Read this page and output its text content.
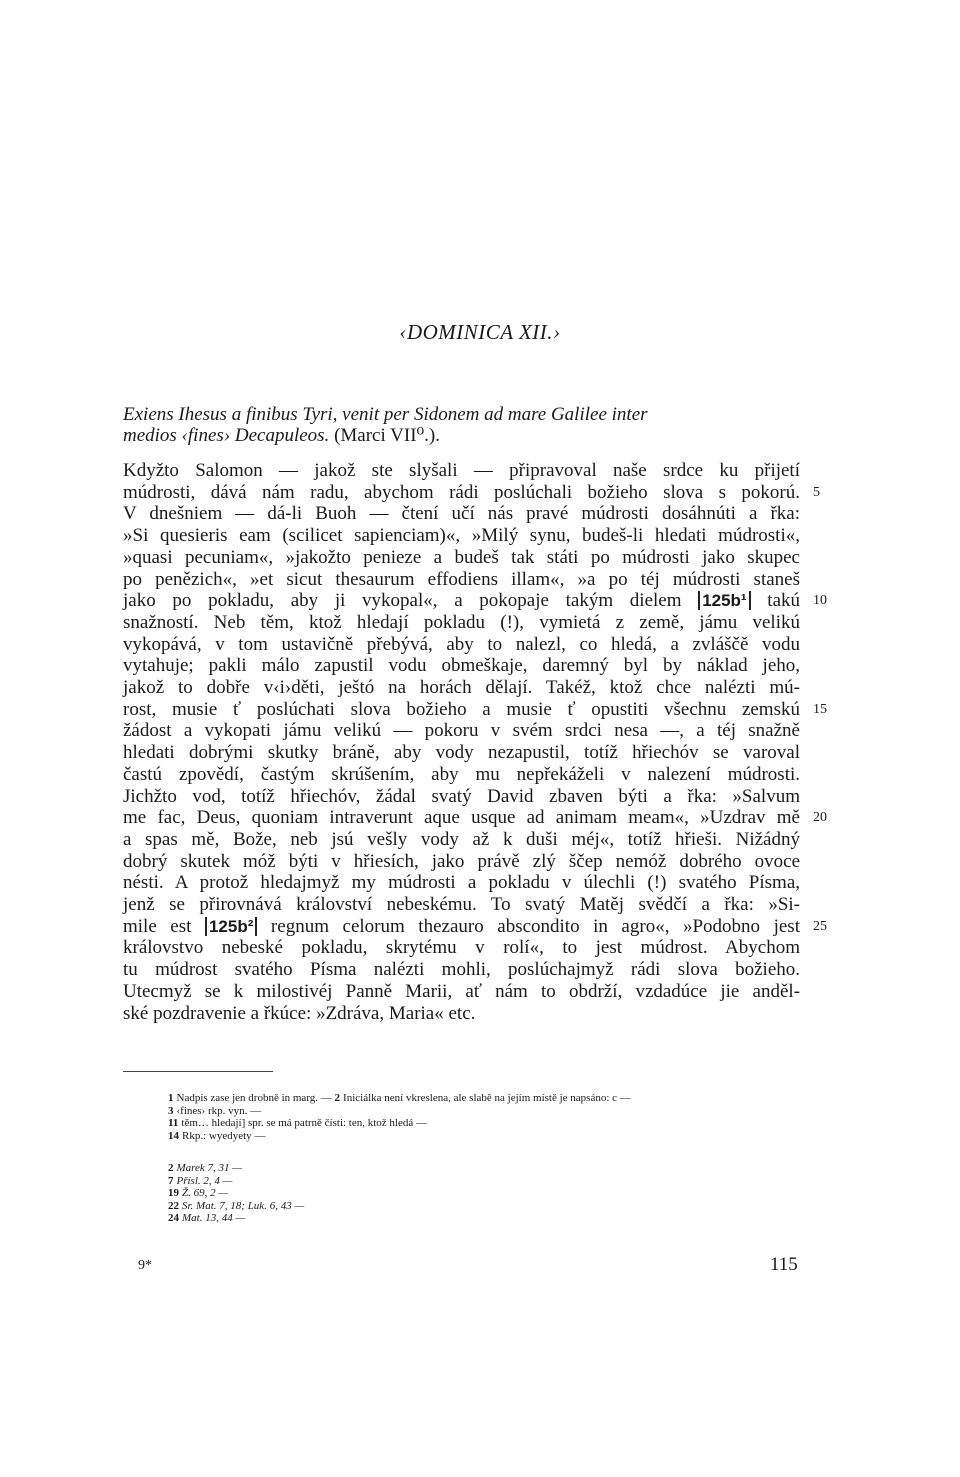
‹DOMINICA XII.›
Exiens Ihesus a finibus Tyri, venit per Sidonem ad mare Galilee inter
medios ‹fines› Decapuleos. (Marci VII⁰.).
Kdyžto Salomon — jakož ste slyšali — připravoval naše srdce ku přijetí
múdrosti, dává nám radu, abychom rádi poslúchali božieho slova s pokorú. 5
V dnešniem — dá-li Buoh — čtení učí nás pravé múdrosti dosáhnúti a řka:
»Si quesieris eam (scilicet sapienciam)«, »Milý synu, budeš-li hledati múdrosti«,
»quasi pecuniam«, »jakožto penieze a budeš tak státi po múdrosti jako skupec
po penězich«, »et sicut thesaurum effodiens illam«, »a po téj múdrosti staneš
jako po pokladu, aby ji vykopal«, a pokopaje takým dielem 125b¹ takú 10
snažností. Neb těm, ktož hledají pokladu (!), vymietá z země, jámu velikú
vykopává, v tom ustavičně přebývá, aby to nalezl, co hledá, a zvláščě vodu
vytahuje; pakli málo zapustil vodu obmeškaje, daremný byl by náklad jeho,
jakož to dobře v‹i›děti, ještó na horách dělají. Takéž, ktož chce nalézti mú-
rost, musie ť poslúchati slova božieho a musie ť opustiti všechnu zemskú 15
žádost a vykopati jámu velikú — pokoru v svém srdci nesa —, a téj snažně
hledati dobrými skutky bráně, aby vody nezapustil, totíž hřiechóv se varoval
častú zpovědí, častým skrúšením, aby mu nepřekáželi v nalezení múdrosti.
Jichžto vod, totíž hřiechóv, žádal svatý David zbaven býti a řka: »Salvum
me fac, Deus, quoniam intraverunt aque usque ad animam meam«, »Uzdrav mě 20
a spas mě, Bože, neb jsú vešly vody až k duši méj«, totíž hřieši. Nižádný
dobrý skutek móž býti v hřiesích, jako právě zlý ščep nemóž dobrého ovoce
nésti. A protož hledajmyž my múdrosti a pokladu v úlechli (!) svatého Písma,
jenž se přirovnává království nebeskému. To svatý Matěj svědčí a řka: »Si-
mile est 125b² regnum celorum thezauro abscondito in agro«, »Podobno jest 25
královstvo nebeské pokladu, skrytému v rolí«, to jest múdrost. Abychom
tu múdrost svatého Písma nalézti mohli, poslúchajmyž rádi slova božieho.
Utecmyž se k milostivéj Panně Marii, ať nám to obdrží, vzdadúce jie anděl-
ské pozdravenie a řkúce: »Zdráva, Maria« etc.
1 Nadpis zase jen drobně in marg. — 2 Iniciálka není vkreslena, ale slabě na jejím místě je napsáno: c —
3 ‹fines› rkp. vyn. —
11 těm… hledají] spr. se má patrně čísti: ten, ktož hledá —
14 Rkp.: wyedyety —
2 Marek 7, 31 —
7 Přísl. 2, 4 —
19 Ž. 69, 2 —
22 Sr. Mat. 7, 18; Luk. 6, 43 —
24 Mat. 13, 44 —
9*	115
